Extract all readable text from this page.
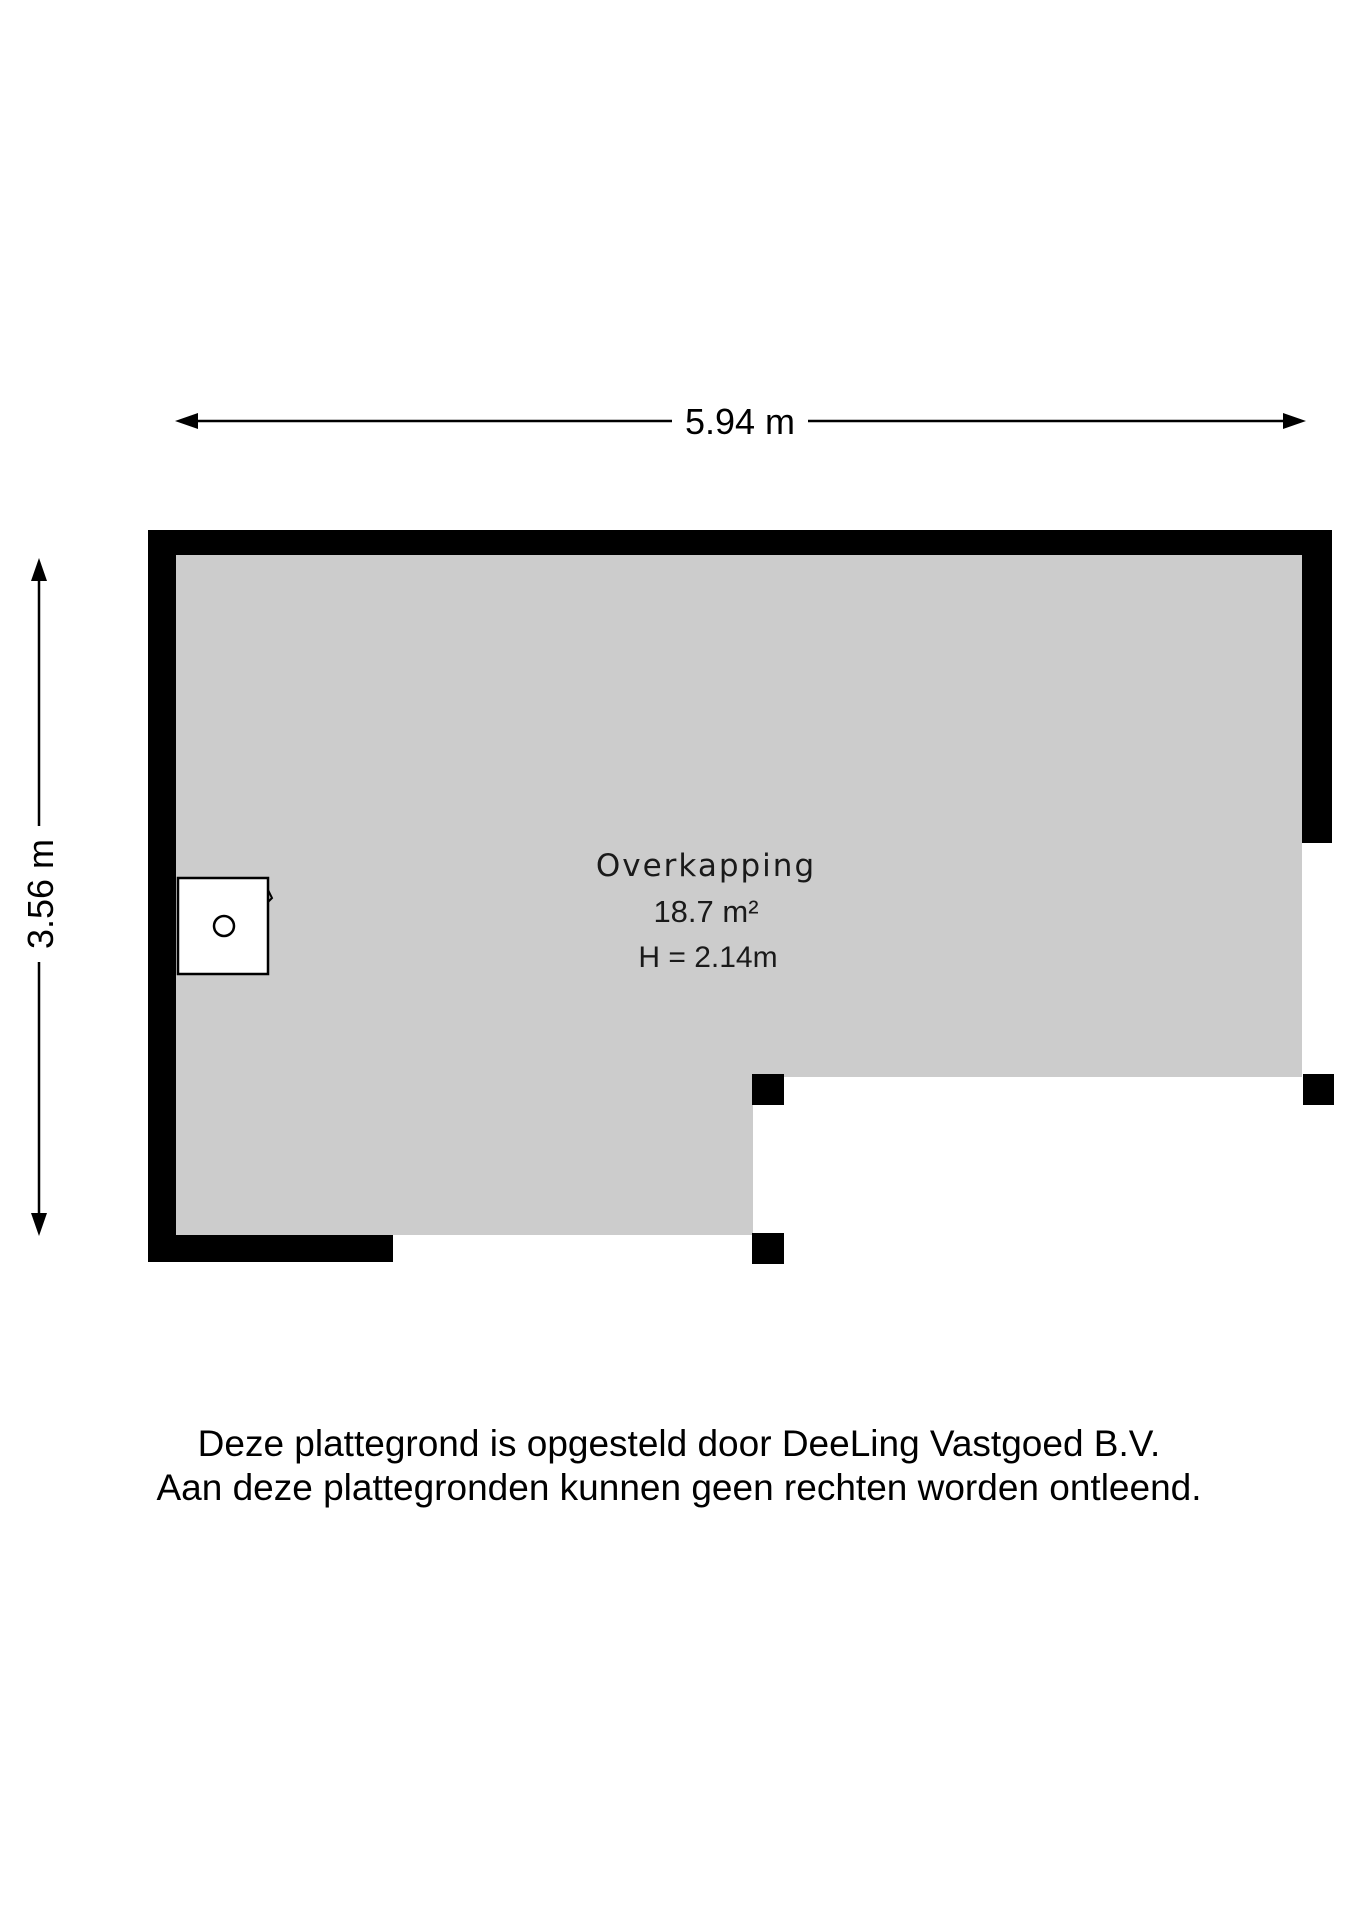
5.94 m
3.56 m	Overkapping
18.7 m²
H = 2.14m
Deze plattegrond is opgesteld door DeeLing Vastgoed B.V.
Aan deze plattegronden kunnen geen rechten worden ontleend.
